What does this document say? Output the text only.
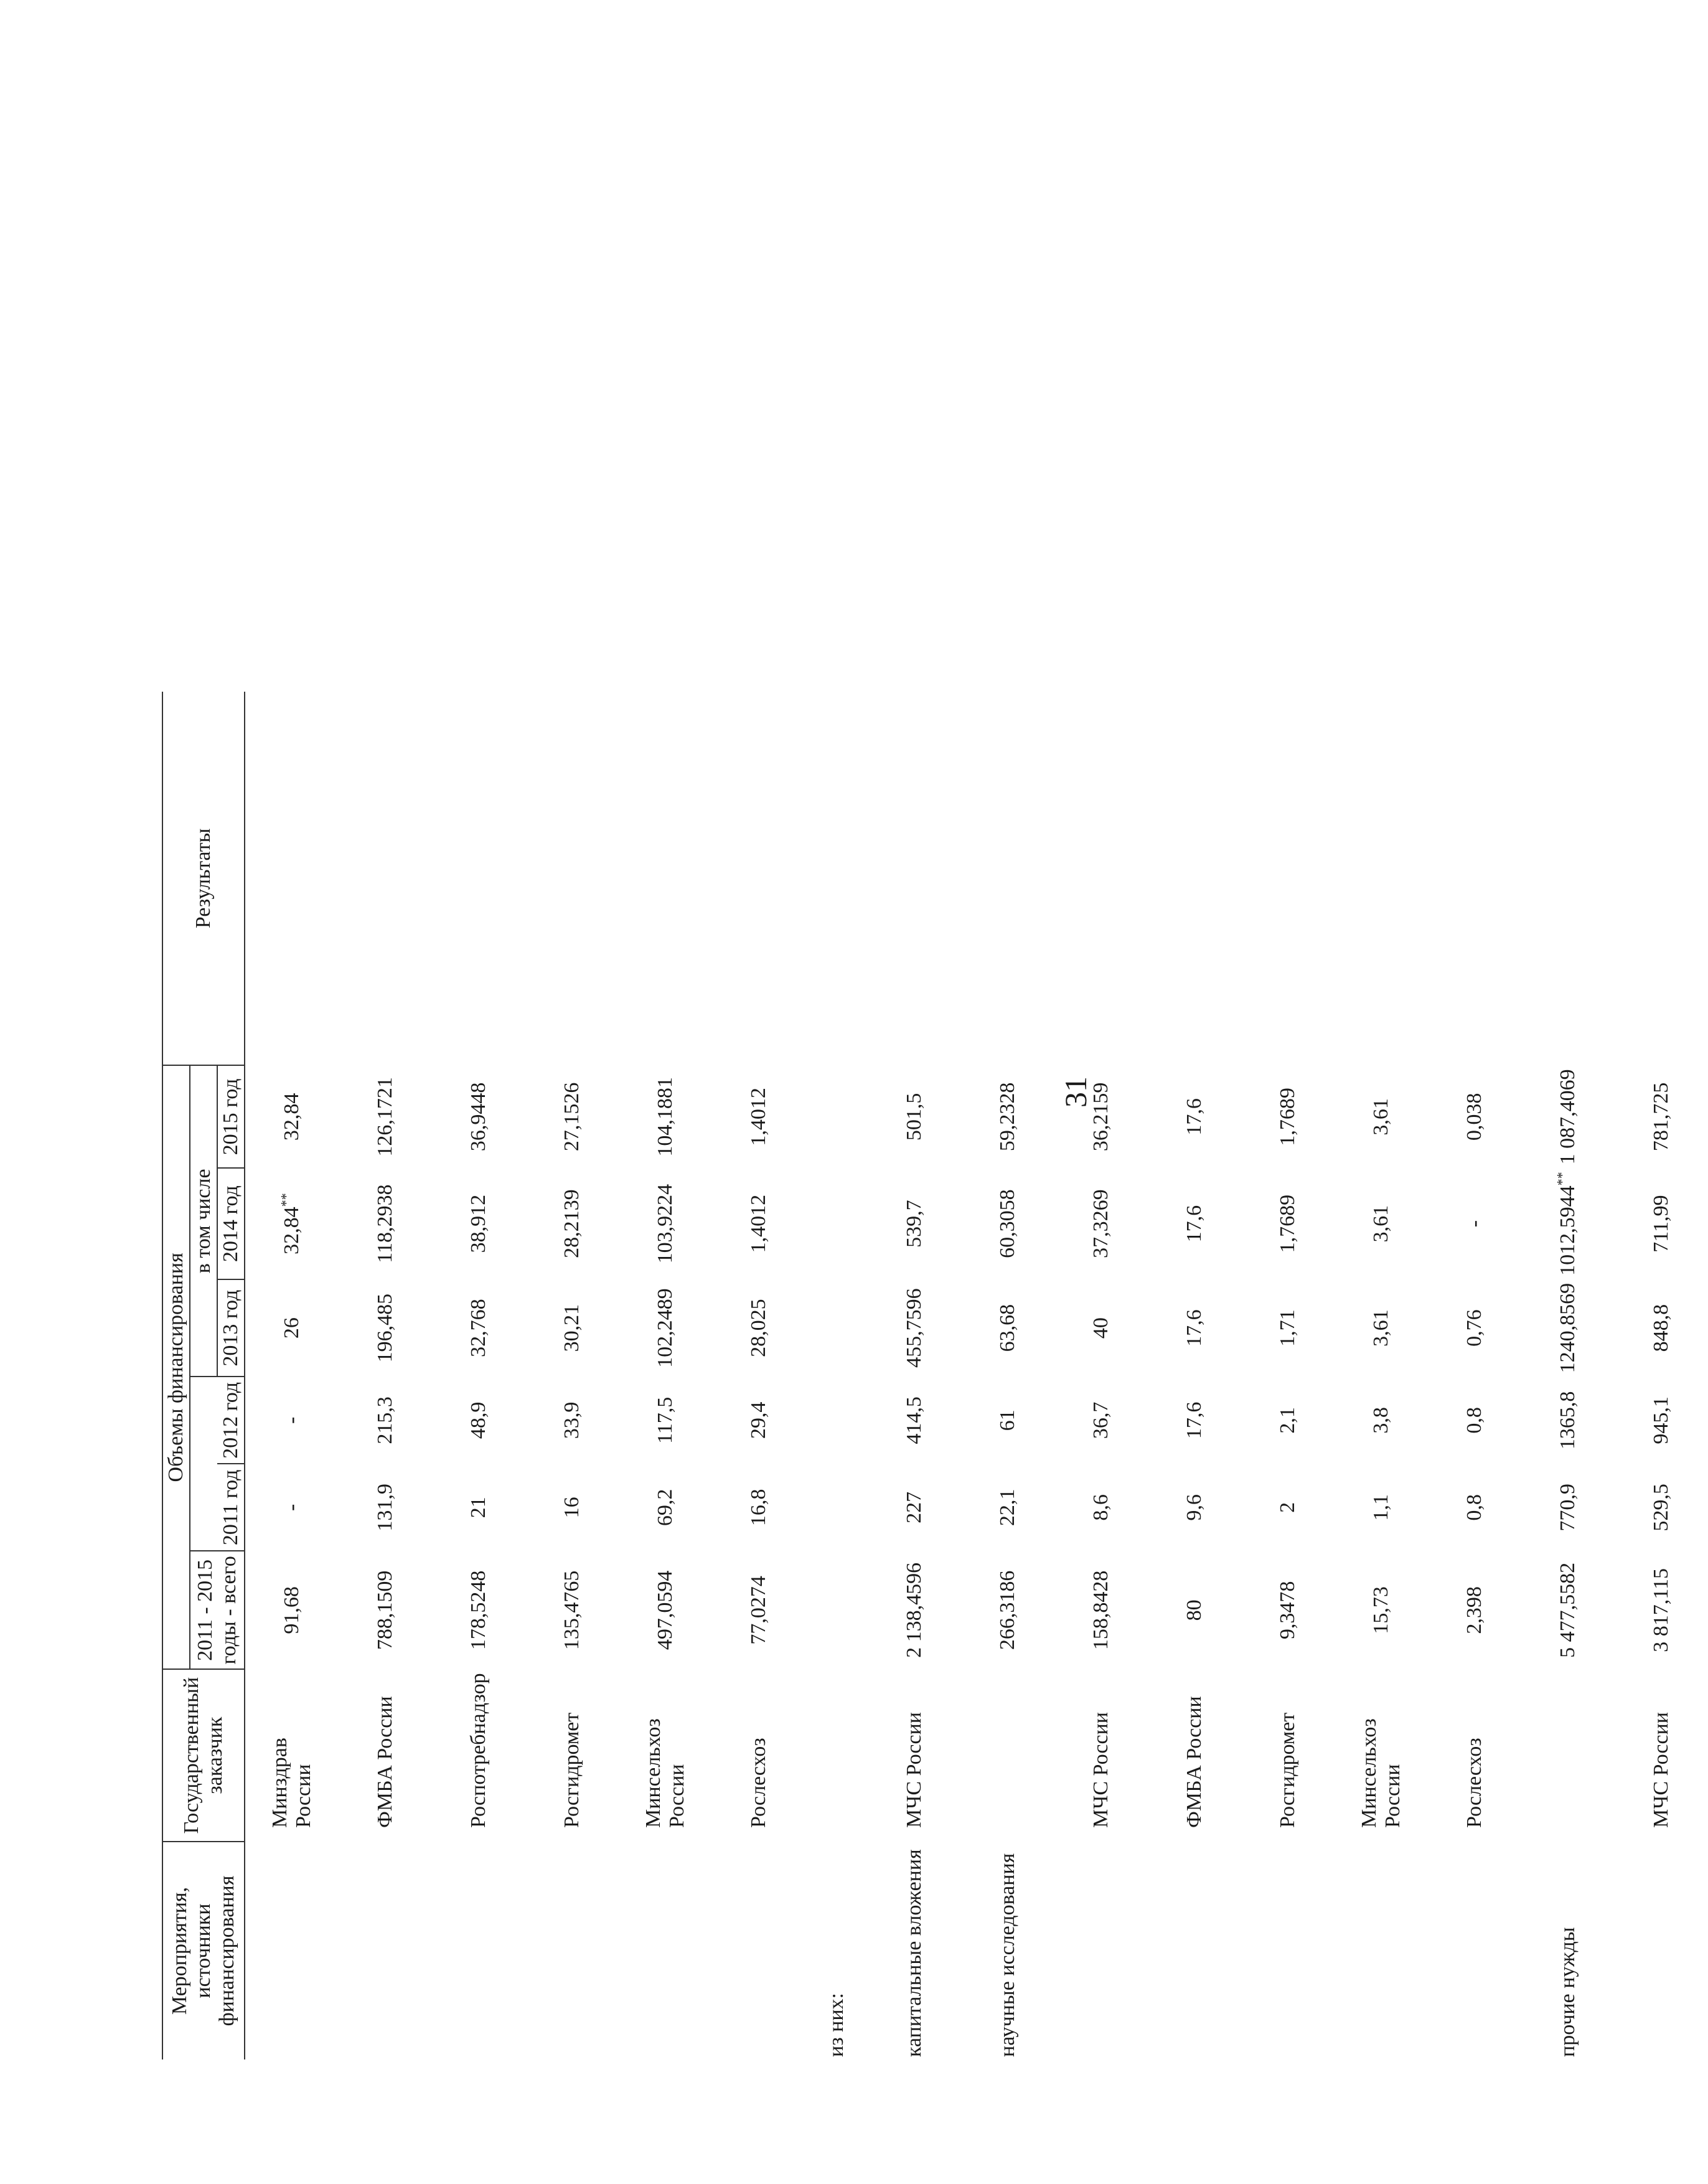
31
Мероприятия, источники финансирования	Государственный заказчик	Объемы финансирования						Результаты

		2011 - 2015 годы - всего			в том числе			
			2011 год	2012 год	2013 год	2014 год	2015 год	
	Минздрав России	91,68	-	-	26	32,84**	32,84	
	ФМБА России	788,1509	131,9	215,3	196,485	118,2938	126,1721	
	Роспотребнадзор	178,5248	21	48,9	32,768	38,912	36,9448	
	Росгидромет	135,4765	16	33,9	30,21	28,2139	27,1526	
	Минсельхоз России	497,0594	69,2	117,5	102,2489	103,9224	104,1881	
	Рослесхоз	77,0274	16,8	29,4	28,025	1,4012	1,4012	
из них:								
капитальные вложения	МЧС России	2 138,4596	227	414,5	455,7596	539,7	501,5	
научные исследования		266,3186	22,1	61	63,68	60,3058	59,2328	
	МЧС России	158,8428	8,6	36,7	40	37,3269	36,2159	
	ФМБА России	80	9,6	17,6	17,6	17,6	17,6	
	Росгидромет	9,3478	2	2,1	1,71	1,7689	1,7689	
	Минсельхоз России	15,73	1,1	3,8	3,61	3,61	3,61	
	Рослесхоз	2,398	0,8	0,8	0,76	-	0,038	
прочие нужды		5 477,5582	770,9	1365,8	1240,8569	1012,5944**	1 087,4069	
	МЧС России	3 817,115	529,5	945,1	848,8	711,99	781,725	
